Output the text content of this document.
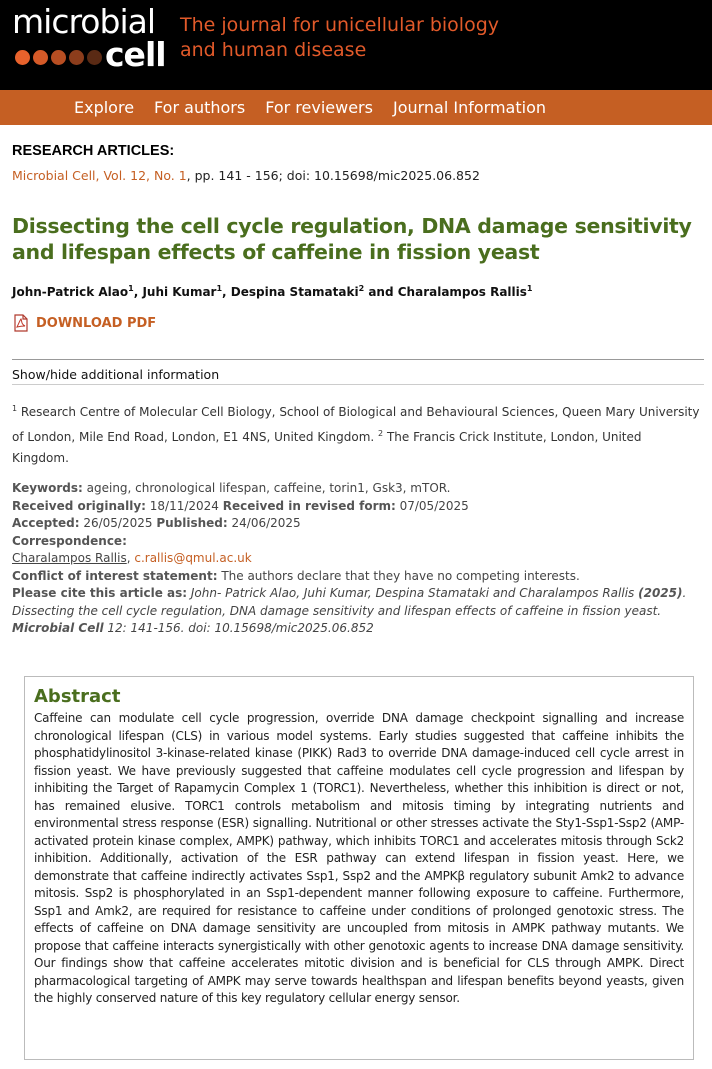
microbial
cell
The journal for unicellular biology and human disease
Explore For authors For reviewers Journal Information
RESEARCH ARTICLES:
Microbial Cell, Vol. 12, No. 1, pp. 141 - 156; doi: 10.15698/mic2025.06.852
Dissecting the cell cycle regulation, DNA damage sensitivity and lifespan effects of caffeine in fission yeast
John-Patrick Alao$^1$, Juhi Kumar$^1$, Despina Stamataki$^2$ and Charalampos Rallis$^1$
DOWNLOAD PDF
Show/hide additional information
$^1$ Research Centre of Molecular Cell Biology, School of Biological and Behavioural Sciences, Queen Mary University of London, Mile End Road, London, E1 4NS, United Kingdom. $^2$ The Francis Crick Institute, London, United Kingdom.
Keywords: ageing, chronological lifespan, caffeine, torin1, Gsk3, mTOR.
Received originally: 18/11/2024 Received in revised form: 07/05/2025
Accepted: 26/05/2025 Published: 24/06/2025
Correspondence:
Charalampos Rallis, c.rallis@qmul.ac.uk
Conflict of interest statement: The authors declare that they have no competing interests.
Please cite this article as: John- Patrick Alao, Juhi Kumar, Despina Stamataki and Charalampos Rallis (2025). Dissecting the cell cycle regulation, DNA damage sensitivity and lifespan effects of caffeine in fission yeast. Microbial Cell 12: 141-156. doi: 10.15698/mic2025.06.852
Abstract

Caffeine can modulate cell cycle progression, override DNA damage checkpoint signalling and increase chronological lifespan (CLS) in various model systems. Early studies suggested that caffeine inhibits the phosphatidylinositol 3-kinase-related kinase (PIKK) Rad3 to override DNA damage-induced cell cycle arrest in fission yeast. We have previously suggested that caffeine modulates cell cycle progression and lifespan by inhibiting the Target of Rapamycin Complex 1 (TORC1). Nevertheless, whether this inhibition is direct or not, has remained elusive. TORC1 controls metabolism and mitosis timing by integrating nutrients and environmental stress response (ESR) signalling. Nutritional or other stresses activate the Sty1-Ssp1-Ssp2 (AMP-activated protein kinase complex, AMPK) pathway, which inhibits TORC1 and accelerates mitosis through Sck2 inhibition. Additionally, activation of the ESR pathway can extend lifespan in fission yeast. Here, we demonstrate that caffeine indirectly activates Ssp1, Ssp2 and the AMPKβ regulatory subunit Amk2 to advance mitosis. Ssp2 is phosphorylated in an Ssp1-dependent manner following exposure to caffeine. Furthermore, Ssp1 and Amk2, are required for resistance to caffeine under conditions of prolonged genotoxic stress. The effects of caffeine on DNA damage sensitivity are uncoupled from mitosis in AMPK pathway mutants. We propose that caffeine interacts synergistically with other genotoxic agents to increase DNA damage sensitivity. Our findings show that caffeine accelerates mitotic division and is beneficial for CLS through AMPK. Direct pharmacological targeting of AMPK may serve towards healthspan and lifespan benefits beyond yeasts, given the highly conserved nature of this key regulatory cellular energy sensor.
